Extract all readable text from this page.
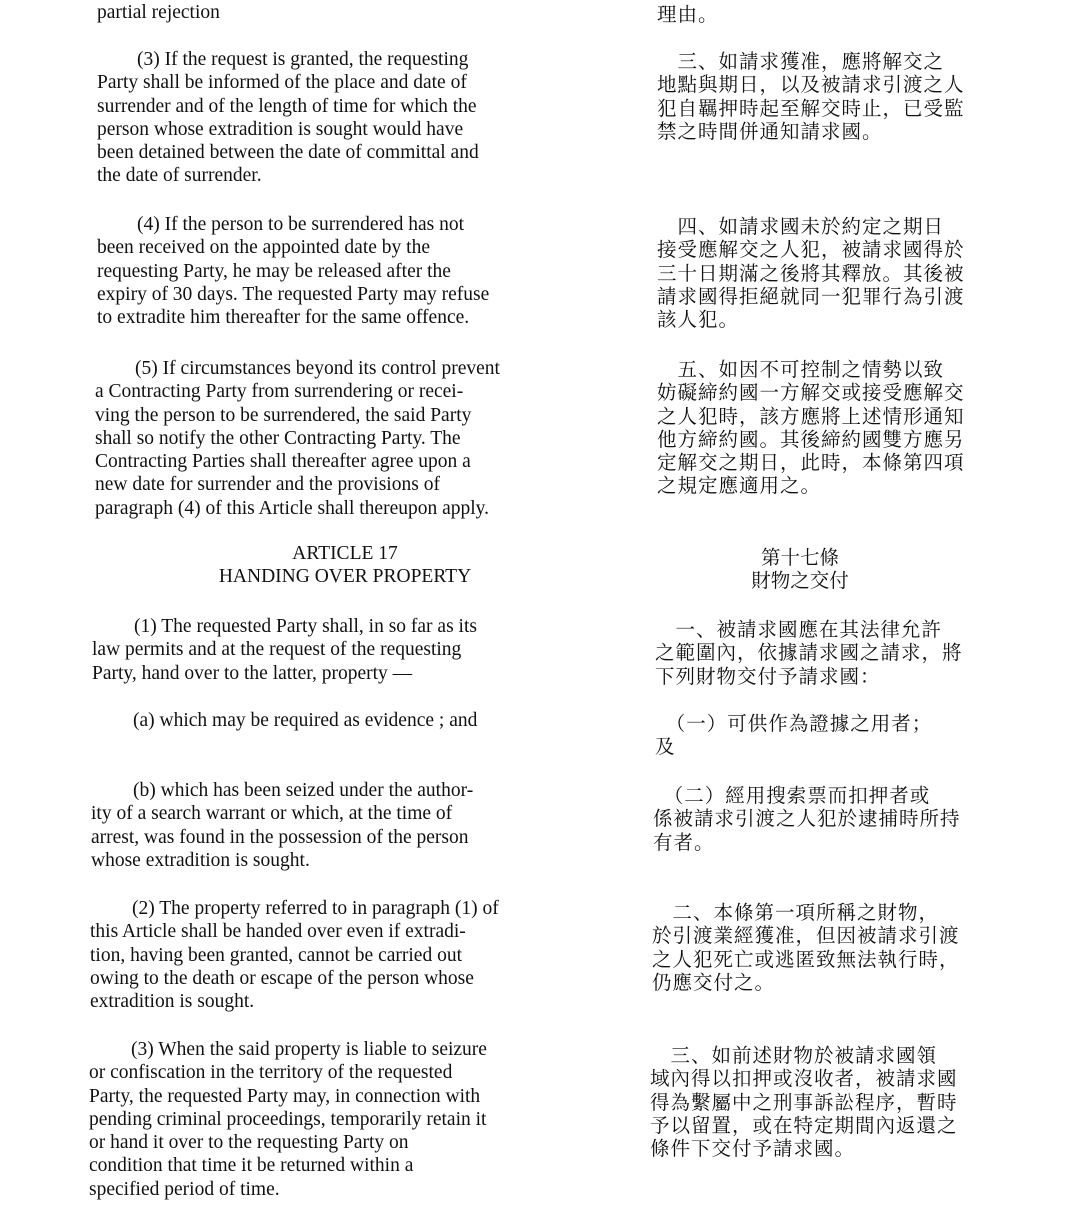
partial rejection

(3) If the request is granted, the requesting
Party shall be informed of the place and date of
surrender and of the length of time for which the
person whose extradition is sought would have
been detained between the date of committal and
the date of surrender.

(4) If the person to be surrendered has not
been received on the appointed date by the
requesting Party, he may be released after the
expiry of 30 days. The requested Party may refuse
to extradite him thereafter for the same offence.

(5) If circumstances beyond its control prevent
a Contracting Party from surrendering or recei-
ving the person to be surrendered, the said Party
shall so notify the other Contracting Party. The
Contracting Parties shall thereafter agree upon a
new date for surrender and the provisions of
paragraph (4) of this Article shall thereupon apply.

ARTICLE 17

HANDING OVER PROPERTY

(1) The requested Party shall, in so far as its
law permits and at the request of the requesting
Party, hand over to the latter, property —

(a) which may be required as evidence ; and

(b) which has been seized under the author-
ity of a search warrant or which, at the time of
arrest, was found in the possession of the person
whose extradition is sought.

(2) The property referred to in paragraph (1) of
this Article shall be handed over even if extradi-
tion, having been granted, cannot be carried out
owing to the death or escape of the person whose
extradition is sought.

(3) When the said property is liable to seizure
or confiscation in the territory of the requested
Party, the requested Party may, in connection with
pending criminal proceedings, temporarily retain it
or hand it over to the requesting Party on
condition that time it be returned within a
specified period of time.

理由。

　三、如請求獲准，應將解交之
地點與期日，以及被請求引渡之人
犯自羈押時起至解交時止，已受監
禁之時間併通知請求國。

　四、如請求國未於約定之期日
接受應解交之人犯，被請求國得於
三十日期滿之後將其釋放。其後被
請求國得拒絕就同一犯罪行為引渡
該人犯。

　五、如因不可控制之情勢以致
妨礙締約國一方解交或接受應解交
之人犯時，該方應將上述情形通知
他方締約國。其後締約國雙方應另
定解交之期日，此時，本條第四項
之規定應適用之。

第十七條

財物之交付

　一、被請求國應在其法律允許
之範圍內，依據請求國之請求，將
下列財物交付予請求國：

　（一）可供作為證據之用者；
及

　（二）經用搜索票而扣押者或
係被請求引渡之人犯於逮捕時所持
有者。

　二、本條第一項所稱之財物，
於引渡業經獲准，但因被請求引渡
之人犯死亡或逃匿致無法執行時，
仍應交付之。

　三、如前述財物於被請求國領
域內得以扣押或沒收者，被請求國
得為繫屬中之刑事訴訟程序，暫時
予以留置，或在特定期間內返還之
條件下交付予請求國。
